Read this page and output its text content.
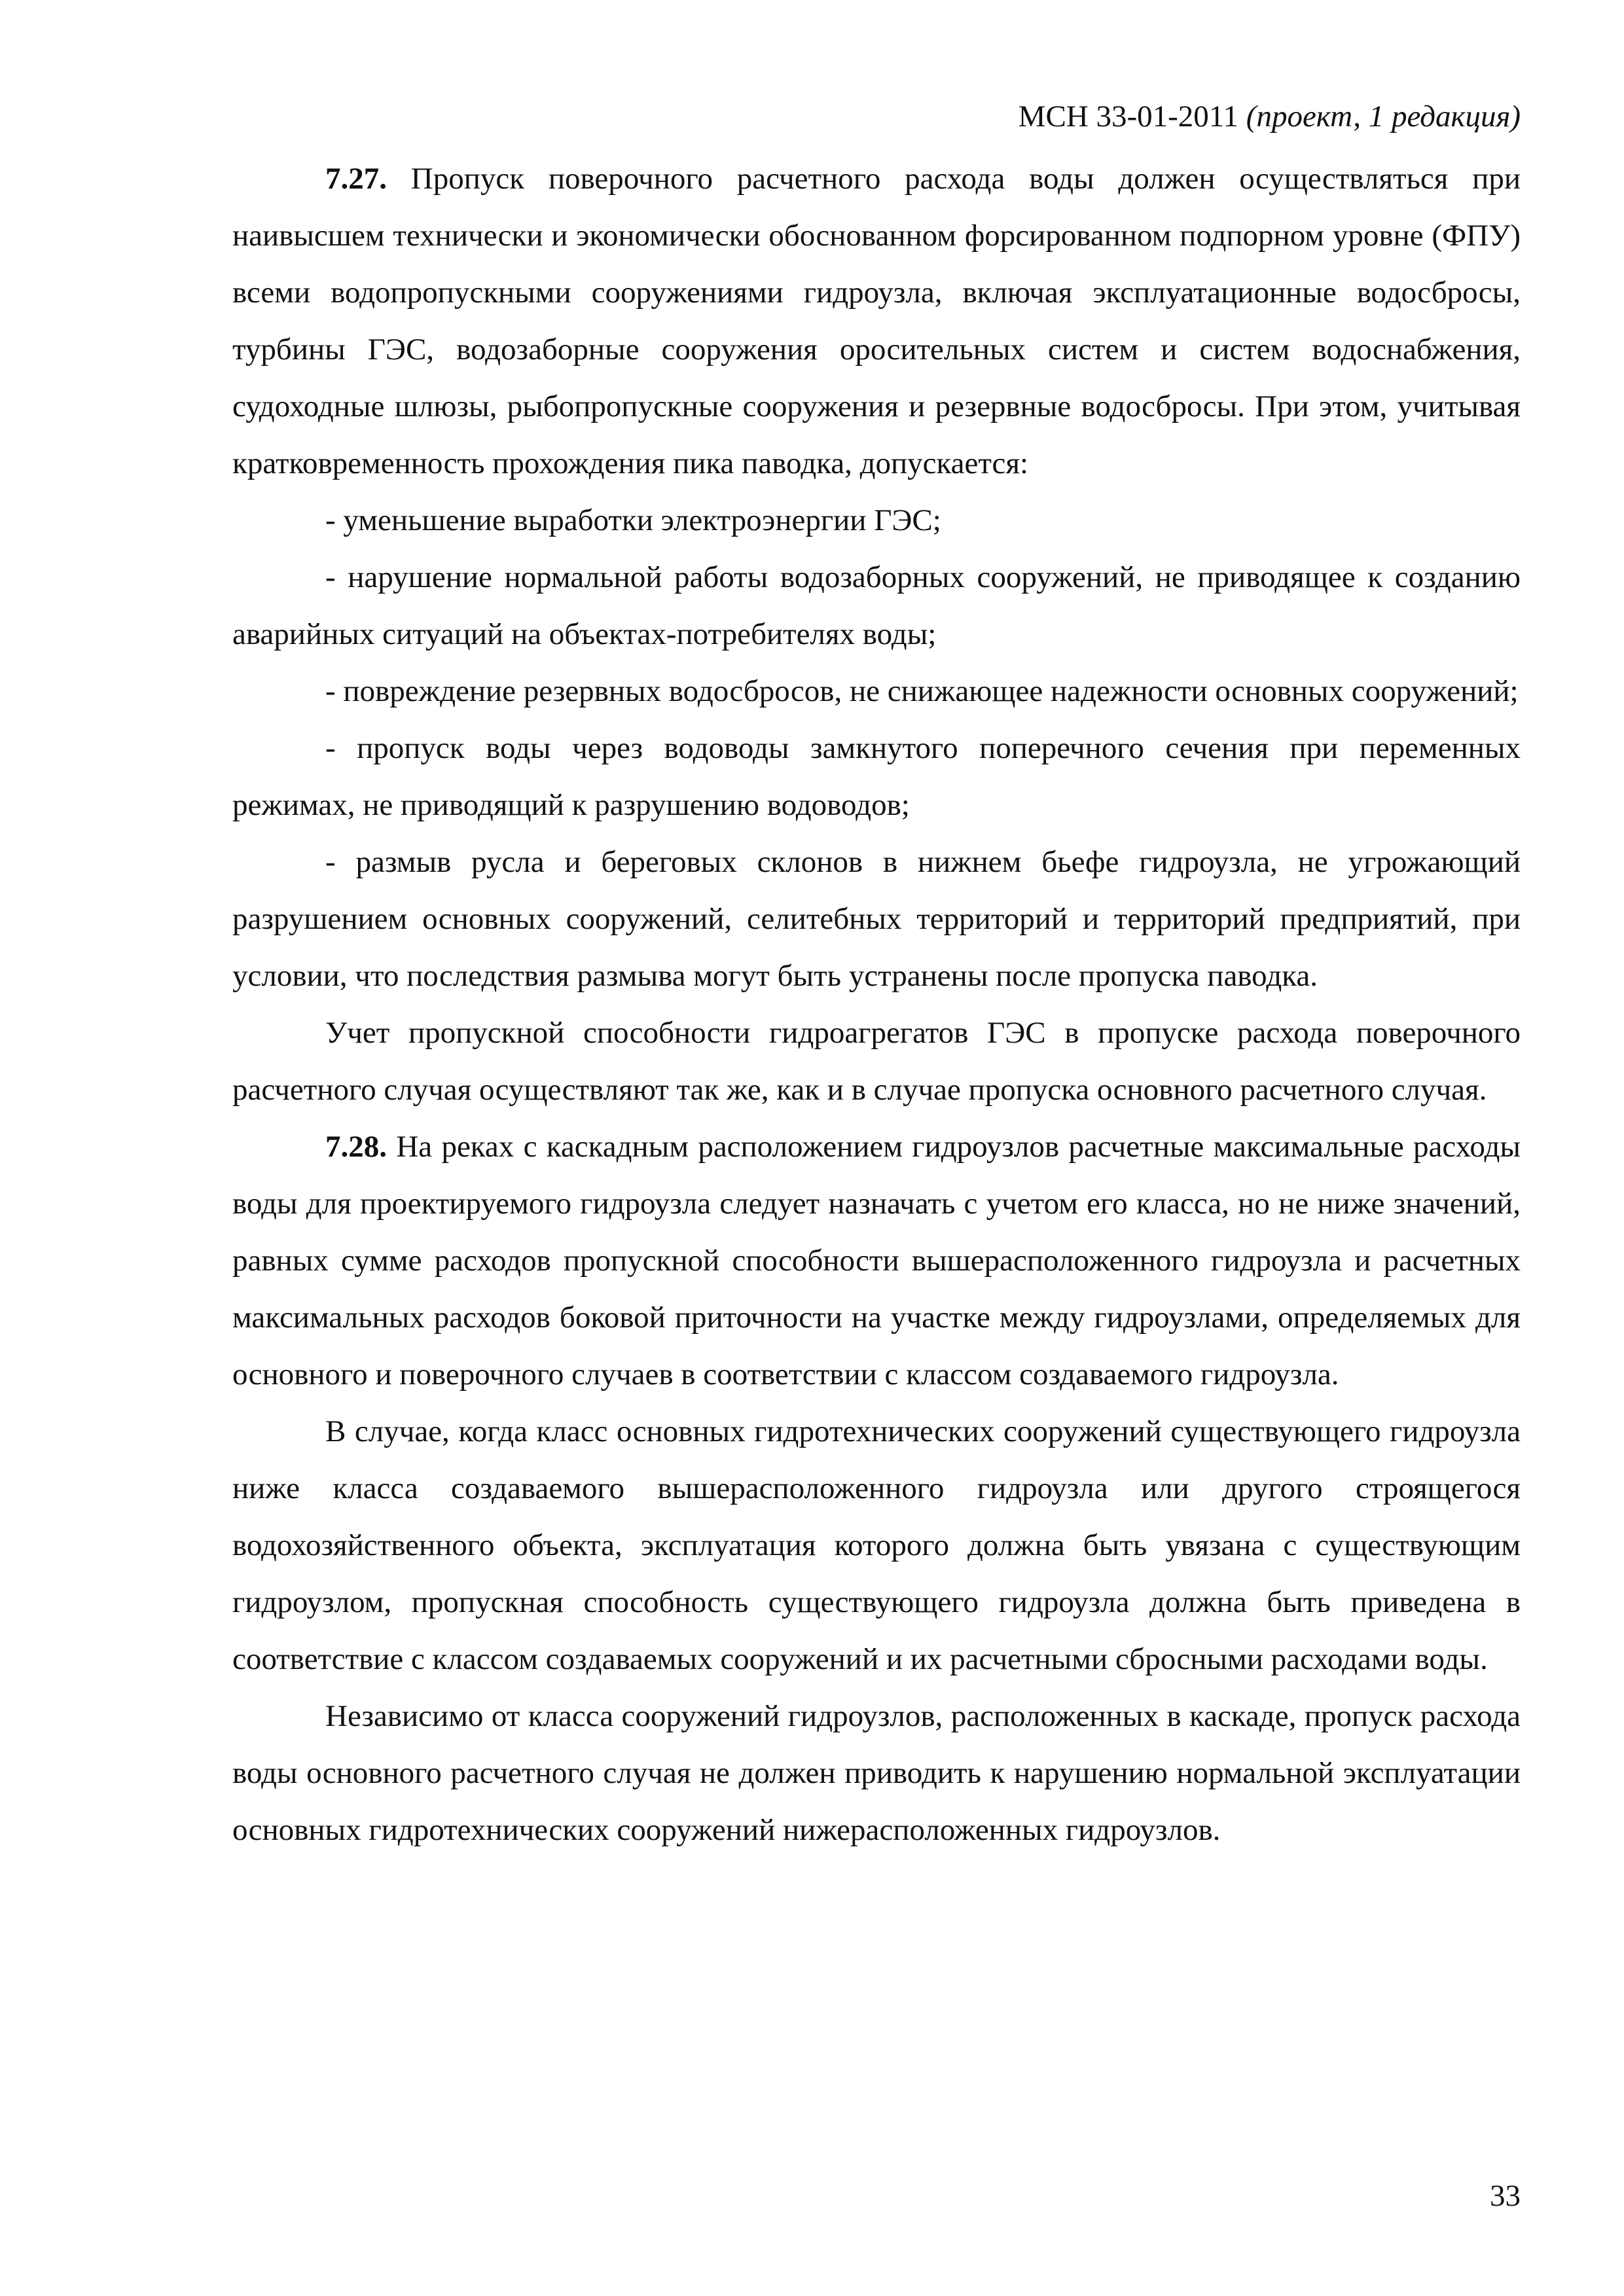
МСН 33-01-2011 (проект, 1 редакция)

7.27. Пропуск поверочного расчетного расхода воды должен осуществляться при наивысшем технически и экономически обоснованном форсированном подпорном уровне (ФПУ) всеми водопропускными сооружениями гидроузла, включая эксплуатационные водосбросы, турбины ГЭС, водозаборные сооружения оросительных систем и систем водоснабжения, судоходные шлюзы, рыбопропускные сооружения и резервные водосбросы. При этом, учитывая кратковременность прохождения пика паводка, допускается:

- уменьшение выработки электроэнергии ГЭС;

- нарушение нормальной работы водозаборных сооружений, не приводящее к созданию аварийных ситуаций на объектах-потребителях воды;

- повреждение резервных водосбросов, не снижающее надежности основных сооружений;

- пропуск воды через водоводы замкнутого поперечного сечения при переменных режимах, не приводящий к разрушению водоводов;

- размыв русла и береговых склонов в нижнем бьефе гидроузла, не угрожающий разрушением основных сооружений, селитебных территорий и территорий предприятий, при условии, что последствия размыва могут быть устранены после пропуска паводка.

Учет пропускной способности гидроагрегатов ГЭС в пропуске расхода поверочного расчетного случая осуществляют так же, как и в случае пропуска основного расчетного случая.

7.28. На реках с каскадным расположением гидроузлов расчетные максимальные расходы воды для проектируемого гидроузла следует назначать с учетом его класса, но не ниже значений, равных сумме расходов пропускной способности вышерасположенного гидроузла и расчетных максимальных расходов боковой приточности на участке между гидроузлами, определяемых для основного и поверочного случаев в соответствии с классом создаваемого гидроузла.

В случае, когда класс основных гидротехнических сооружений существующего гидроузла ниже класса создаваемого вышерасположенного гидроузла или другого строящегося водохозяйственного объекта, эксплуатация которого должна быть увязана с существующим гидроузлом, пропускная способность существующего гидроузла должна быть приведена в соответствие с классом создаваемых сооружений и их расчетными сбросными расходами воды.

Независимо от класса сооружений гидроузлов, расположенных в каскаде, пропуск расхода воды основного расчетного случая не должен приводить к нарушению нормальной эксплуатации основных гидротехнических сооружений нижерасположенных гидроузлов.

33
